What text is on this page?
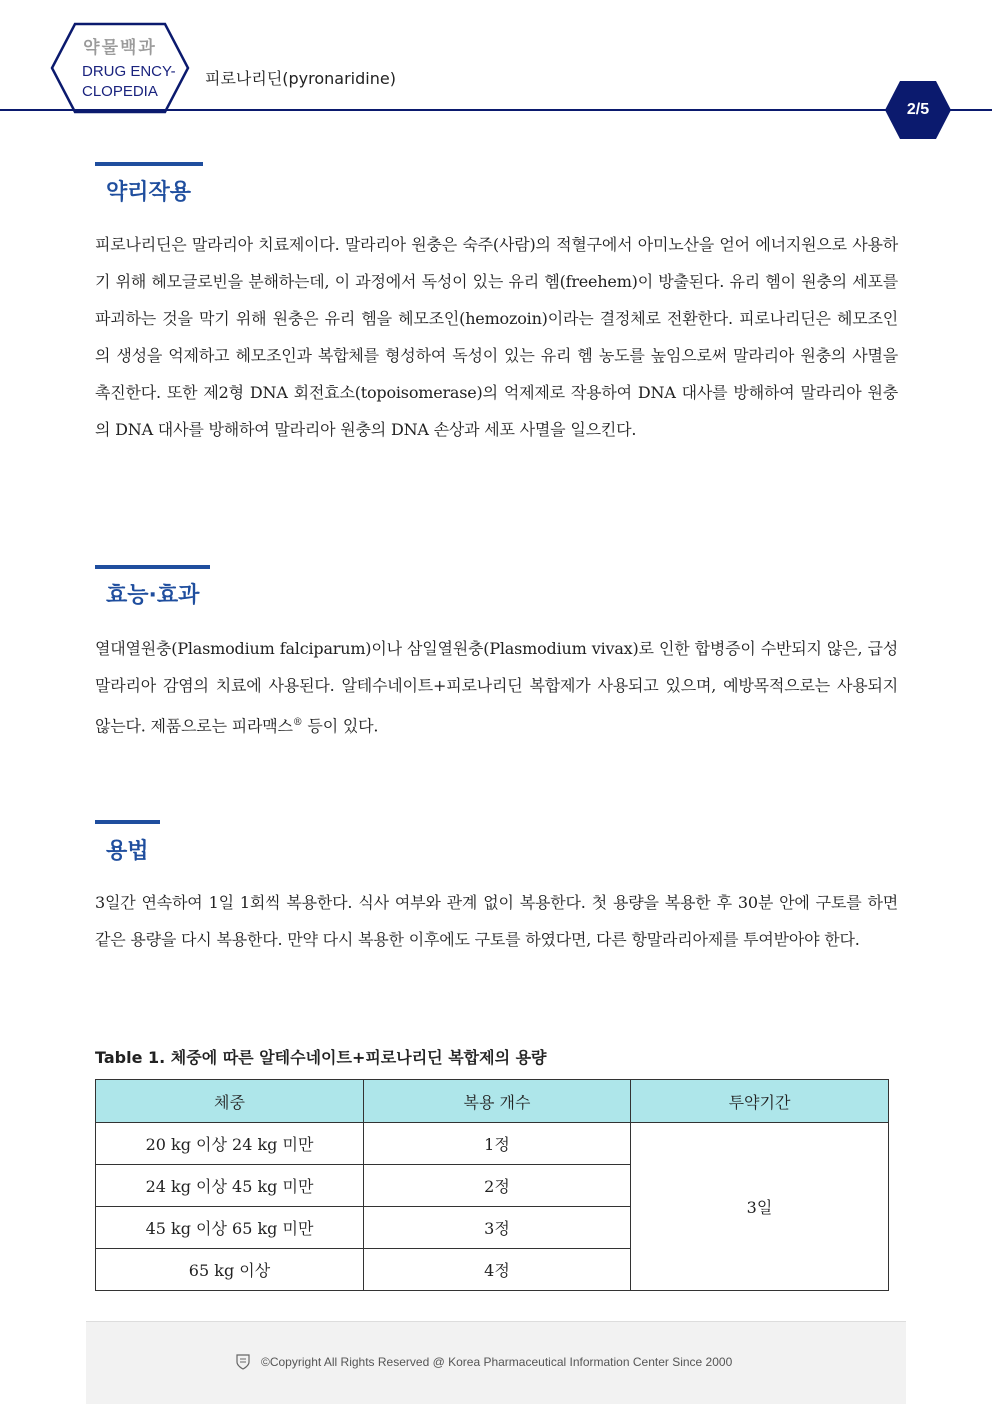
약물백과
DRUG ENCY-
CLOPEDIA
피로나리딘(pyronaridine)
2/5
약리작용
피로나리딘은 말라리아 치료제이다. 말라리아 원충은 숙주(사람)의 적혈구에서 아미노산을 얻어 에너지원으로 사용하기 위해 헤모글로빈을 분해하는데, 이 과정에서 독성이 있는 유리 헴(freehem)이 방출된다. 유리 헴이 원충의 세포를 파괴하는 것을 막기 위해 원충은 유리 헴을 헤모조인(hemozoin)이라는 결정체로 전환한다. 피로나리딘은 헤모조인의 생성을 억제하고 헤모조인과 복합체를 형성하여 독성이 있는 유리 헴 농도를 높임으로써 말라리아 원충의 사멸을 촉진한다. 또한 제2형 DNA 회전효소(topoisomerase)의 억제제로 작용하여 DNA 대사를 방해하여 말라리아 원충의 DNA 대사를 방해하여 말라리아 원충의 DNA 손상과 세포 사멸을 일으킨다.
효능·효과
열대열원충(Plasmodium falciparum)이나 삼일열원충(Plasmodium vivax)로 인한 합병증이 수반되지 않은, 급성 말라리아 감염의 치료에 사용된다. 알테수네이트+피로나리딘 복합제가 사용되고 있으며, 예방목적으로는 사용되지 않는다. 제품으로는 피라맥스® 등이 있다.
용법
3일간 연속하여 1일 1회씩 복용한다. 식사 여부와 관계 없이 복용한다. 첫 용량을 복용한 후 30분 안에 구토를 하면 같은 용량을 다시 복용한다. 만약 다시 복용한 이후에도 구토를 하였다면, 다른 항말라리아제를 투여받아야 한다.
Table 1. 체중에 따른 알테수네이트+피로나리딘 복합제의 용량
체중	복용 개수	투약기간
20 kg 이상 24 kg 미만	1정	3일
24 kg 이상 45 kg 미만	2정	
45 kg 이상 65 kg 미만	3정	
65 kg 이상	4정	
©Copyright All Rights Reserved @ Korea Pharmaceutical Information Center Since 2000
